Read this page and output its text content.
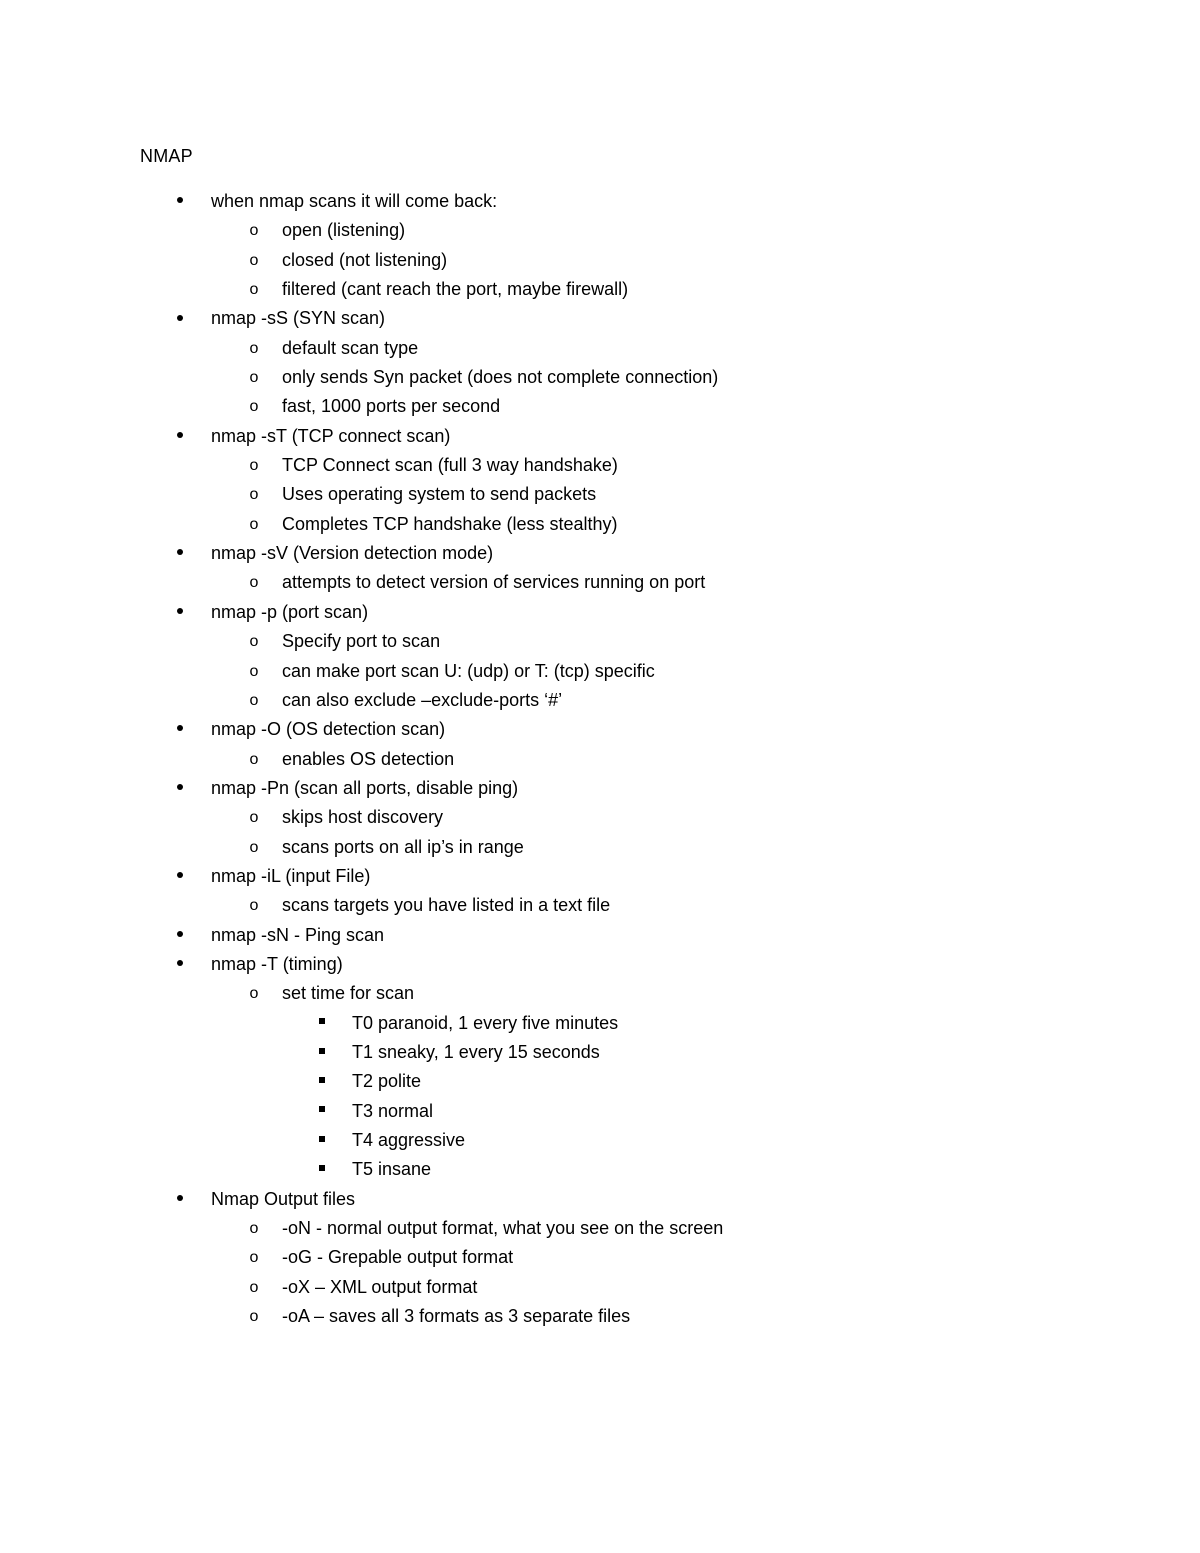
NMAP
when nmap scans it will come back:
o	open (listening)
o	closed (not listening)
o	filtered (cant reach the port, maybe firewall)
nmap -sS (SYN scan)
o	default scan type
o	only sends Syn packet (does not complete connection)
o	fast, 1000 ports per second
nmap -sT (TCP connect scan)
o	TCP Connect scan (full 3 way handshake)
o	Uses operating system to send packets
o	Completes TCP handshake (less stealthy)
nmap -sV (Version detection mode)
o	attempts to detect version of services running on port
nmap -p (port scan)
o	Specify port to scan
o	can make port scan U: (udp) or T: (tcp) specific
o	can also exclude –exclude-ports ‘#’
nmap -O (OS detection scan)
o	enables OS detection
nmap -Pn (scan all ports, disable ping)
o	skips host discovery
o	scans ports on all ip’s in range
nmap -iL (input File)
o	scans targets you have listed in a text file
nmap -sN - Ping scan
nmap -T (timing)
o	set time for scan
T0 paranoid, 1 every five minutes
T1 sneaky, 1 every 15 seconds
T2 polite
T3 normal
T4 aggressive
T5 insane
Nmap Output files
o	-oN - normal output format, what you see on the screen
o	-oG - Grepable output format
o	-oX – XML output format
o	-oA – saves all 3 formats as 3 separate files
